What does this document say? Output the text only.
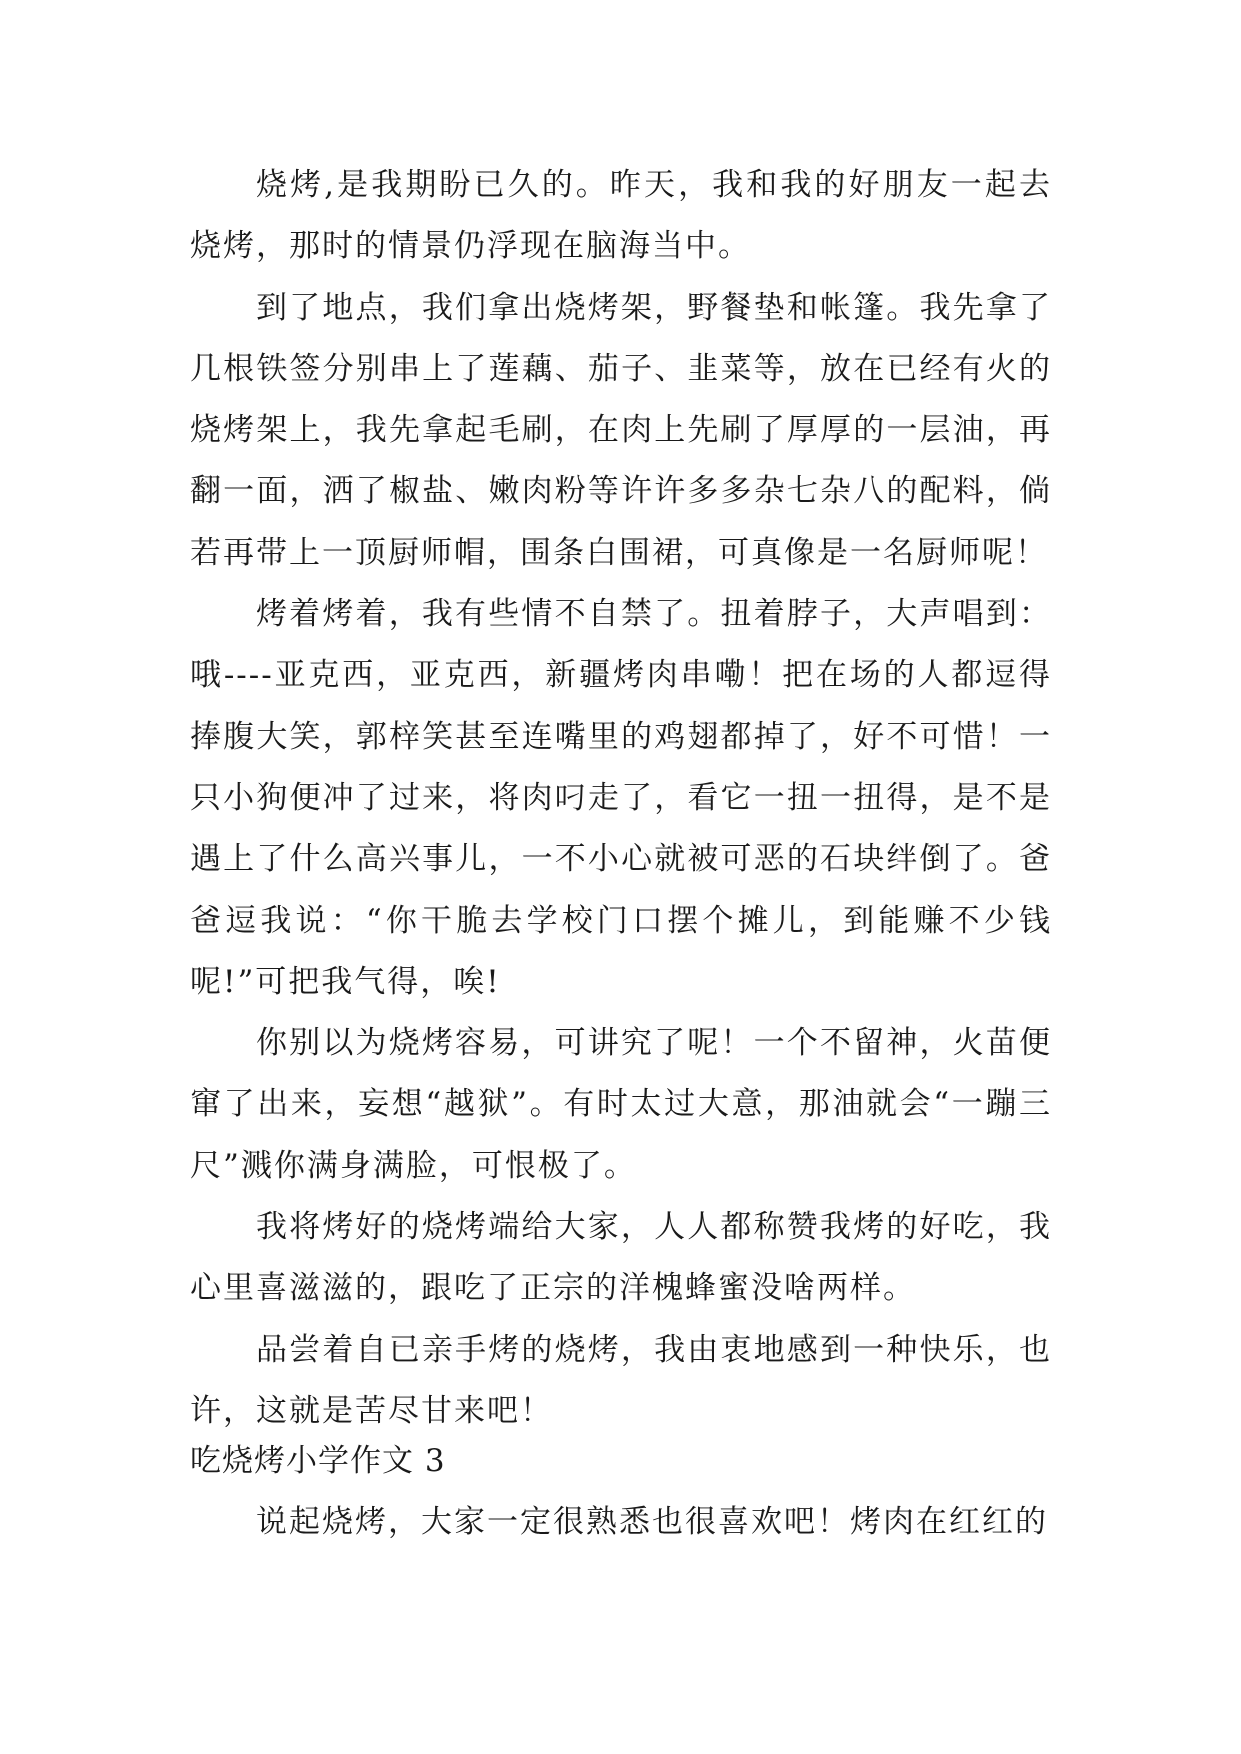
烧烤,是我期盼已久的。昨天，我和我的好朋友一起去烧烤，那时的情景仍浮现在脑海当中。

到了地点，我们拿出烧烤架，野餐垫和帐篷。我先拿了几根铁签分别串上了莲藕、茄子、韭菜等，放在已经有火的烧烤架上，我先拿起毛刷，在肉上先刷了厚厚的一层油，再翻一面，洒了椒盐、嫩肉粉等许许多多杂七杂八的配料，倘若再带上一顶厨师帽，围条白围裙，可真像是一名厨师呢！

烤着烤着，我有些情不自禁了。扭着脖子，大声唱到：哦----亚克西，亚克西，新疆烤肉串嘞！把在场的人都逗得捧腹大笑，郭梓笑甚至连嘴里的鸡翅都掉了，好不可惜！一只小狗便冲了过来，将肉叼走了，看它一扭一扭得，是不是遇上了什么高兴事儿，一不小心就被可恶的石块绊倒了。爸爸逗我说：“你干脆去学校门口摆个摊儿，到能赚不少钱呢!”可把我气得，唉!

你别以为烧烤容易，可讲究了呢！一个不留神，火苗便窜了出来，妄想“越狱”。有时太过大意，那油就会“一蹦三尺”溅你满身满脸，可恨极了。

我将烤好的烧烤端给大家，人人都称赞我烤的好吃，我心里喜滋滋的，跟吃了正宗的洋槐蜂蜜没啥两样。

品尝着自已亲手烤的烧烤，我由衷地感到一种快乐，也许，这就是苦尽甘来吧！

吃烧烤小学作文 3

说起烧烤，大家一定很熟悉也很喜欢吧！烤肉在红红的
